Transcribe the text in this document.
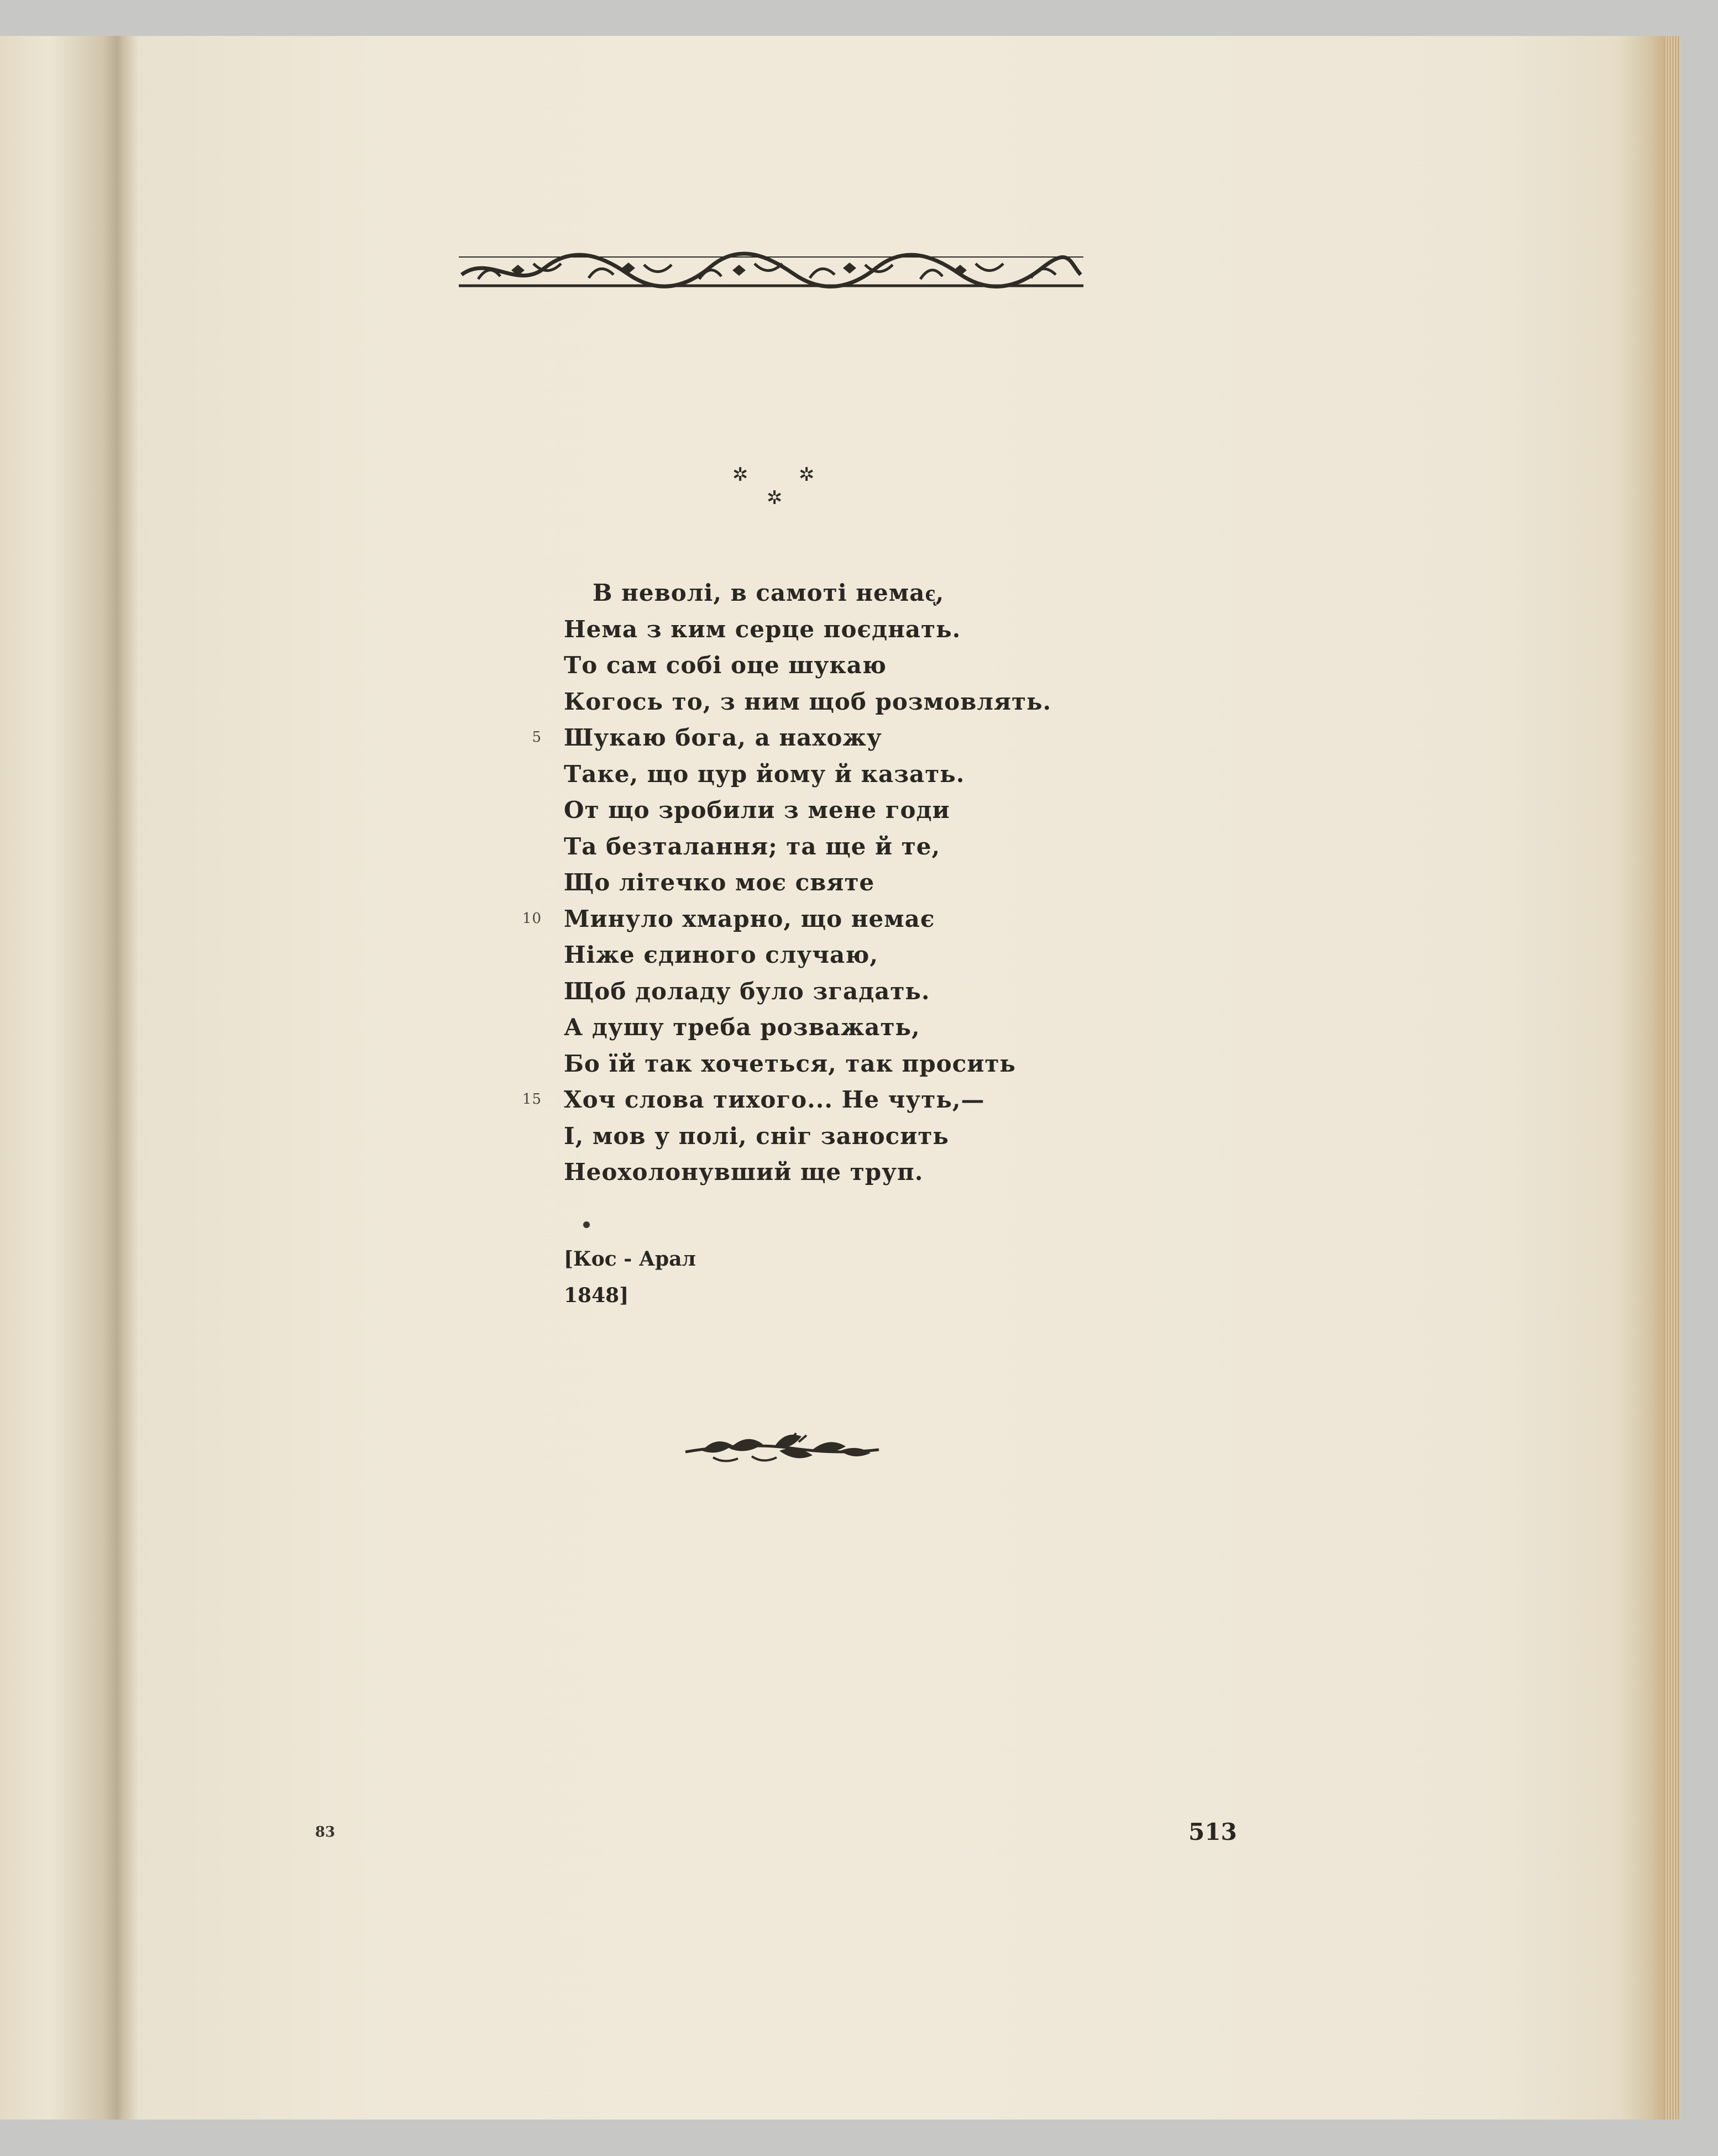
✲	✲
✲
В неволі, в самоті немаєͅ,
Нема з ким серце поєднать.
То сам собі оце шукаю
Когось то, з ним щоб розмовлять.
5 Шукаю бога, а нахожу
Таке, що цур йому й казать.
От що зробили з мене годи
Та безталання; та ще й те,
Що літечко моє святе
10 Минуло хмарно, що немає
Ніже єдиного случаю,
Щоб доладу було згадать.
А душу треба розважать,
Бо їй так хочеться, так просить
15 Хоч слова тихого... Не чуть,—
І, мов у полі, сніг заносить
Неохолонувший ще труп.
[Кос - Арал
1848]
83	513
